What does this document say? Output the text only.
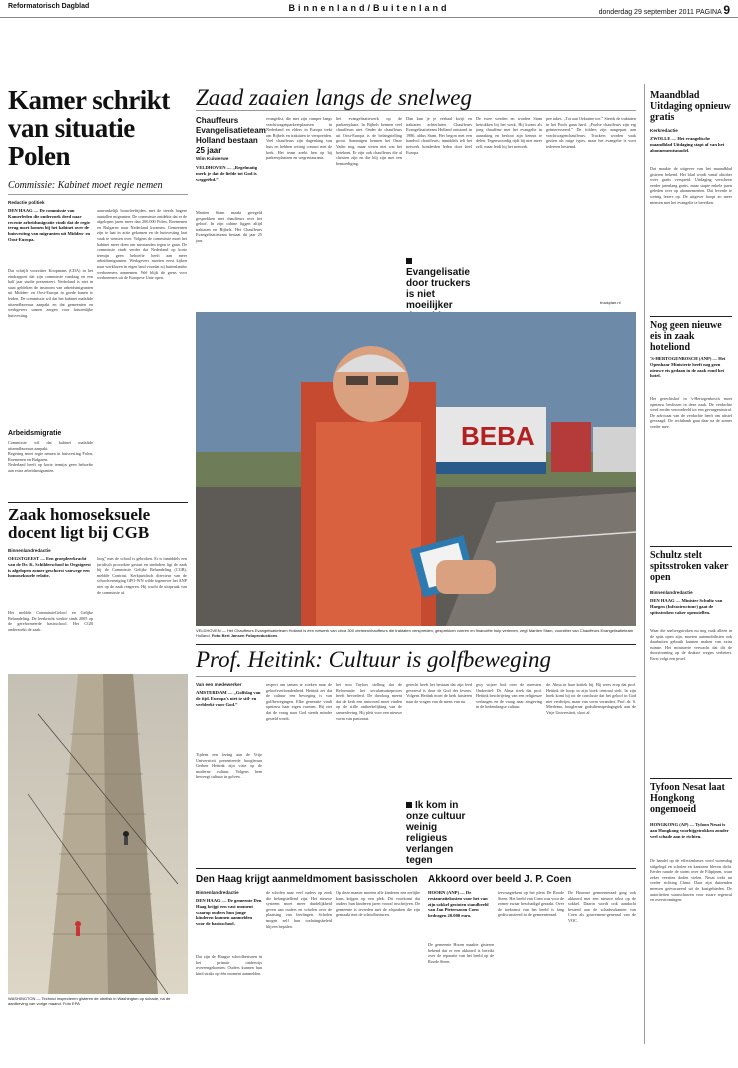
Reformatorisch Dagblad	Binnenland/Buitenland	donderdag 29 september 2011 PAGINA 9
Kamer schrikt van situatie Polen
Commissie: Kabinet moet regie nemen
Redactie politiek
DEN HAAG — De commissie van Kamerleden die onderzoek deed naar recente arbeidsmigratie vindt dat de regie terug moet komen bij het kabinet over de huisvesting van migranten uit Midden- en Oost-Europa.
Dat schrijft voorzitter Koopmans (CDA) in het eindrapport dat zijn commissie vandaag en een half jaar studie presenteert. Nederland is niet in staat gebleken de instroom van arbeidsmigranten uit Midden- en Oost-Europa in goede banen te leiden. De commissie wil dat het kabinet malafide uitzendbureaus aanpakt en dat gemeenten en werkgevers samen zorgen voor fatsoenlijke huisvesting.
Arbeidsmigratie
Commissie wil dat kabinet malafide uitzendbureaus aanpakt.
Regering moet regie nemen in huisvesting Polen, Roemenen en Bulgaren.
Nederland heeft op korte termijn geen behoefte aan extra arbeidsmigranten.
aanvankelijk bouwleeftijden, met de steeds hogere aantallen migranten. De commissie ontdekte dat er de afgelopen jaren meer dan 200.000 Polen, Roemenen en Bulgaren naar Nederland kwamen. Gemeenten zijn te laat in actie gekomen en de huisvesting laat vaak te wensen over. Volgens de commissie moet het kabinet meer doen om misstanden tegen te gaan. De commissie vindt verder dat Nederland op korte termijn geen behoefte heeft aan meer arbeidsmigranten. Werkgevers moeten eerst kijken naar werklozen in eigen land voordat zij buitenlandse werknemers aannemen. Wel blijft de grens voor werknemers uit de Europese Unie open.
Zaak homoseksuele docent ligt bij CGB
Binnenlandredactie
OEGSTGEEST — Een groepleerkracht van de Dr. K. Schilderschool in Oegstgeest is afgelopen zomer geschorst vanwege een homoseksuele relatie.
Het meldde CommissieGeloof en Gelijke Behandeling. De leerkracht werkte sinds 2005 op de gereformeerde basisschool. Het CGB onderzoekt de zaak.
loog" met de school is gebroken. Er is inmiddels een juridisch procedure gestart en sindsdien ligt de zaak bij de Commissie Gelijke Behandeling (CGB), meldde Contrast. Kerkjuridisch directeur van de schoolvereniging GPO-WN wilde tegenover het ANP niet op de zaak reageren. Hij wacht de uitspraak van de commissie af.
WASHINGTON — Technici inspecteren gisteren de obelisk in Washington op schade, na de aardbeving van vorige maand. Foto EPA
Zaad zaaien langs de snelweg
Chauffeurs Evangelisatieteam Holland bestaan 25 jaar
Wim Kuiwerwe
VELDHOVEN — „Regelmatig merk je dat de liefde tot God is weggeëbd.”
Martien Stam maakt geregeld gesprekken met chauffeurs over het geloof. In zijn cabine liggen altijd traktaten en Bijbels. Het Chauffeurs Evangelisatieteam bestaat dit jaar 25 jaar.
evangelist, die met zijn camper langs vrachtwagenparkeerplaatsen in Nederland en elders in Europa trekt om Bijbels en traktaten te verspreiden. Veel chauffeurs zijn dagenlang van huis en hebben weinig contact met de kerk. Het team zoekt hen op bij parkeerplaatsen en wegrestaurants.
het evangelisatiewerk op de parkeerplaats. In Bijbels kennen veel chauffeurs niet. Onder de chauffeurs uit Oost-Europa is de belangstelling groot. Sommigen kennen het Onze Vader nog, maar weten niet wat het betekent. Er zijn ook chauffeurs die al christen zijn en die blij zijn met een bemoediging.
Dan kun je je verhaal kwijt en traktaten achterlaten. Chauffeurs Evangelisatieteam Holland ontstond in 1986, aldus Stam. Het begon met een handvol chauffeurs; inmiddels telt het netwerk honderden leden door heel Europa.
Evangelisatie door truckers is niet moeilijker
De twee werden en worden Stam betrokken bij het werk. Hij kwam als jong chauffeur met het evangelie in aanraking en besloot zijn kennis te delen. Tegenwoordig rijdt hij niet meer zelf, maar leidt hij het netwerk.
pee takes. „Tot aan Oekraïne toe.” Steeds de traktaten in het Pools gaan hard. „Poolse chauffeurs zijn erg geïnteresseerd.” De folders zijn aangepast aan vrachtwagenchauffeurs. Truckers worden vaak gezien als ruige types, maar het evangelie is voor iedereen bestemd.
truckplan.nl
BEBA
VELDHOVEN — Het Chauffeurs Evangelisatieteam Holland is een netwerk van circa 300 christenchauffeurs die traktaten verspreiden, gesprekken voeren en financiële hulp verlenen, zegt Martien Stam, voorzitter van Chauffeurs Evangelisatieteam Holland. Foto Bert Jansen Fotoproductions
Prof. Heitink: Cultuur is golfbeweging
Van een medewerker
AMSTERDAM — „Golfslag van de tijd. Europa's niet te stil- en verbleekt voor God.”
Tijdens een lezing aan de Vrije Universiteit presenteerde hoogleraar Gerben Heitink zijn visie op de moderne cultuur. Volgens hem beweegt cultuur in golven.
respect om tamen te zoeken naar de geloofsverbondenheid. Heitink zei dat de cultuur een beweging is van golfbewegingen. Elke generatie vindt opnieuw haar eigen vormen. Hij ziet dat de vraag naar God steeds minder gesteld wordt.
het nou Taylors stelling dat de Reformatie het secularisatieproces heeft bevorderd. De theoloog meent dat de kerk een antwoord moet vinden op de stille ontkerkelijking van de samenleving. Hij pleit voor een nieuwe vorm van pastoraat.
gerecht heeft het bestaan dat zijn leed gevreesd is door de God des levens. Volgens Heitink moet de kerk luisteren naar de vragen van de mens van nu.
Ik kom in onze cultuur weinig religieus verlangen tegen
gwy wijzer bod over de meesten. Ondertitel: Dr. Alma strek dat prof. Heitink beschrijving van een religieuze verlangen en de vraag naar zingeving in de hedendaagse cultuur.
de. Alma in haar kritiek bij. Hij wees erop dat prof. Heitink de hoop in zijn boek centraal stelt. In zijn boek komt hij tot de conclusie dat het geloof in God niet verdwijnt, maar van vorm verandert. Prof. dr. S. Miedema, hoogleraar godsdienstpedagogiek aan de Vrije Universiteit, sloot af.
Den Haag krijgt aanmeldmoment basisscholen
Binnenlandredactie
DEN HAAG — De gemeente Den Haag krijgt een vast moment waarop ouders hun jonge kinderen kunnen aanmelden voor de basisschool.
Dat zijn de Haagse schoolbesturen in het primair onderwijs overeengekomen. Ouders kunnen hun kind straks op één moment aanmelden.
de scholen naar veel ouders op zoek die belangstellend zijn. Het nieuwe systeem moet meer duidelijkheid geven aan ouders en scholen over de plaatsing van leerlingen. Scholen mogen zelf hun toelatingsbeleid blijven bepalen.
Op deze manier moeten alle kinderen een eerlijke kans krijgen op een plek. Dit voorkomt dat ouders hun kinderen jaren vooraf inschrijven. De gemeente is tevreden met de afspraken die zijn gemaakt met de schoolbesturen.
Akkoord over beeld J. P. Coen
HOORN (ANP) — De restauratiekosten voor het van zijn sokkel gestoten standbeeld van Jan Pieterszoon Coen bedragen 20.000 euro.
De gemeente Hoorn maakte gisteren bekend dat er een akkoord is bereikt over de reparatie van het beeld op de Roode Steen.
tervraagtekent op het plein De Roode Steen. Het beeld van Coen was voor de zomer zwaar beschadigd geraakt. Over de toekomst van het beeld is lang gediscussieerd in de gemeenteraad.
De Hoornse gemeenteraad ging ook akkoord met een nieuwe tekst op de sokkel. Daarin wordt ook aandacht besteed aan de schaduwkanten van Coen als gouverneur-generaal van de VOC.
Maandblad Uitdaging opnieuw gratis
Kerkredactie
ZWOLLE — Het evangelische maandblad Uitdaging stapt af van het abonnementsmodel.
Dat maakte de uitgever van het maandblad gisteren bekend. Het blad wordt vanaf oktober weer gratis verspreid. Uitdaging verscheen eerder jarenlang gratis, maar stapte enkele jaren geleden over op abonnementen. Dat leverde te weinig lezers op. De uitgever hoopt zo meer mensen met het evangelie te bereiken.
Nog geen nieuwe eis in zaak hoteliond
'S-HERTOGENBOSCH (ANP) — Het Openbaar Ministerie heeft nog geen nieuwe eis gedaan in de zaak rond het hotel.
Het gerechtshof in 's-Hertogenbosch moet opnieuw beslissen in deze zaak. De verdachte werd eerder veroordeeld tot een gevangenisstraf. De advocaat van de verdachte heeft om uitstel gevraagd. De rechtbank gaat daar na de zomer verder mee.
Schultz stelt spitsstroken vaker open
Binnenlandredactie
DEN HAAG — Minister Schultz van Haegen (Infrastructuur) gaat de spitsstroken vaker openstellen.
Waar die snelwegstroken nu nog vaak alleen in de spits open zijn, moeten automobilisten ook daarbuiten gebruik kunnen maken van extra ruimte. Het ministerie verwacht dat dit de doorstroming op de drukste wegen verbetert. Eerst volgt een proef.
Tyfoon Nesat laat Hongkong ongemoeid
HONGKONG (AP) — Tyfoon Nesat is aan Hongkong voorbijgetrokken zonder veel schade aan te richten.
De handel op de effectenbeurs werd woensdag stilgelegd en scholen en kantoren bleven dicht. Eerder raasde de storm over de Filipijnen, waar zeker veertien doden vielen. Nesat trekt nu verder richting China. Daar zijn duizenden mensen geëvacueerd uit de kustgebieden. De autoriteiten waarschuwen voor zware regenval en overstromingen.
